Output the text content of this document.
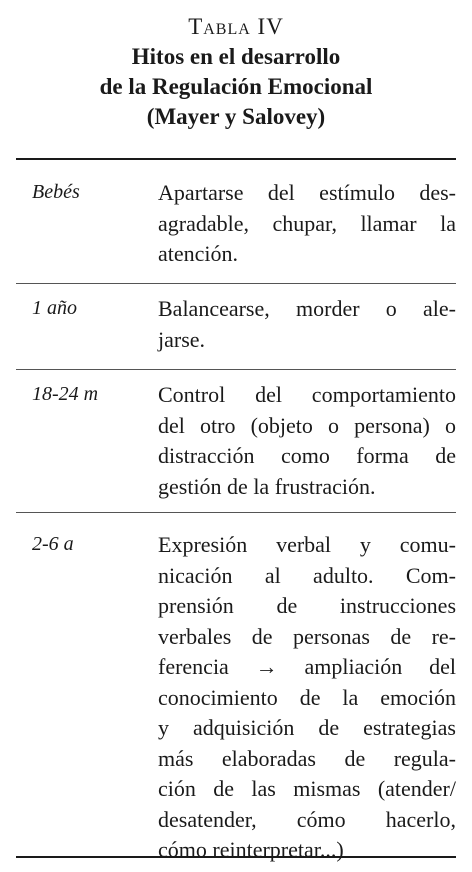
Tabla IV
Hitos en el desarrollo
de la Regulación Emocional
(Mayer y Salovey)
Bebés	Apartarse del estímulo des-
agradable, chupar, llamar la
atención.
1 año	Balancearse, morder o ale-
jarse.
18-24 m	Control del comportamiento
del otro (objeto o persona) o
distracción como forma de
gestión de la frustración.
2-6 a	Expresión verbal y comu-
nicación al adulto. Com-
prensión de instrucciones
verbales de personas de re-
ferencia → ampliación del
conocimiento de la emoción
y adquisición de estrategias
más elaboradas de regula-
ción de las mismas (atender/
desatender, cómo hacerlo,
cómo reinterpretar...)
